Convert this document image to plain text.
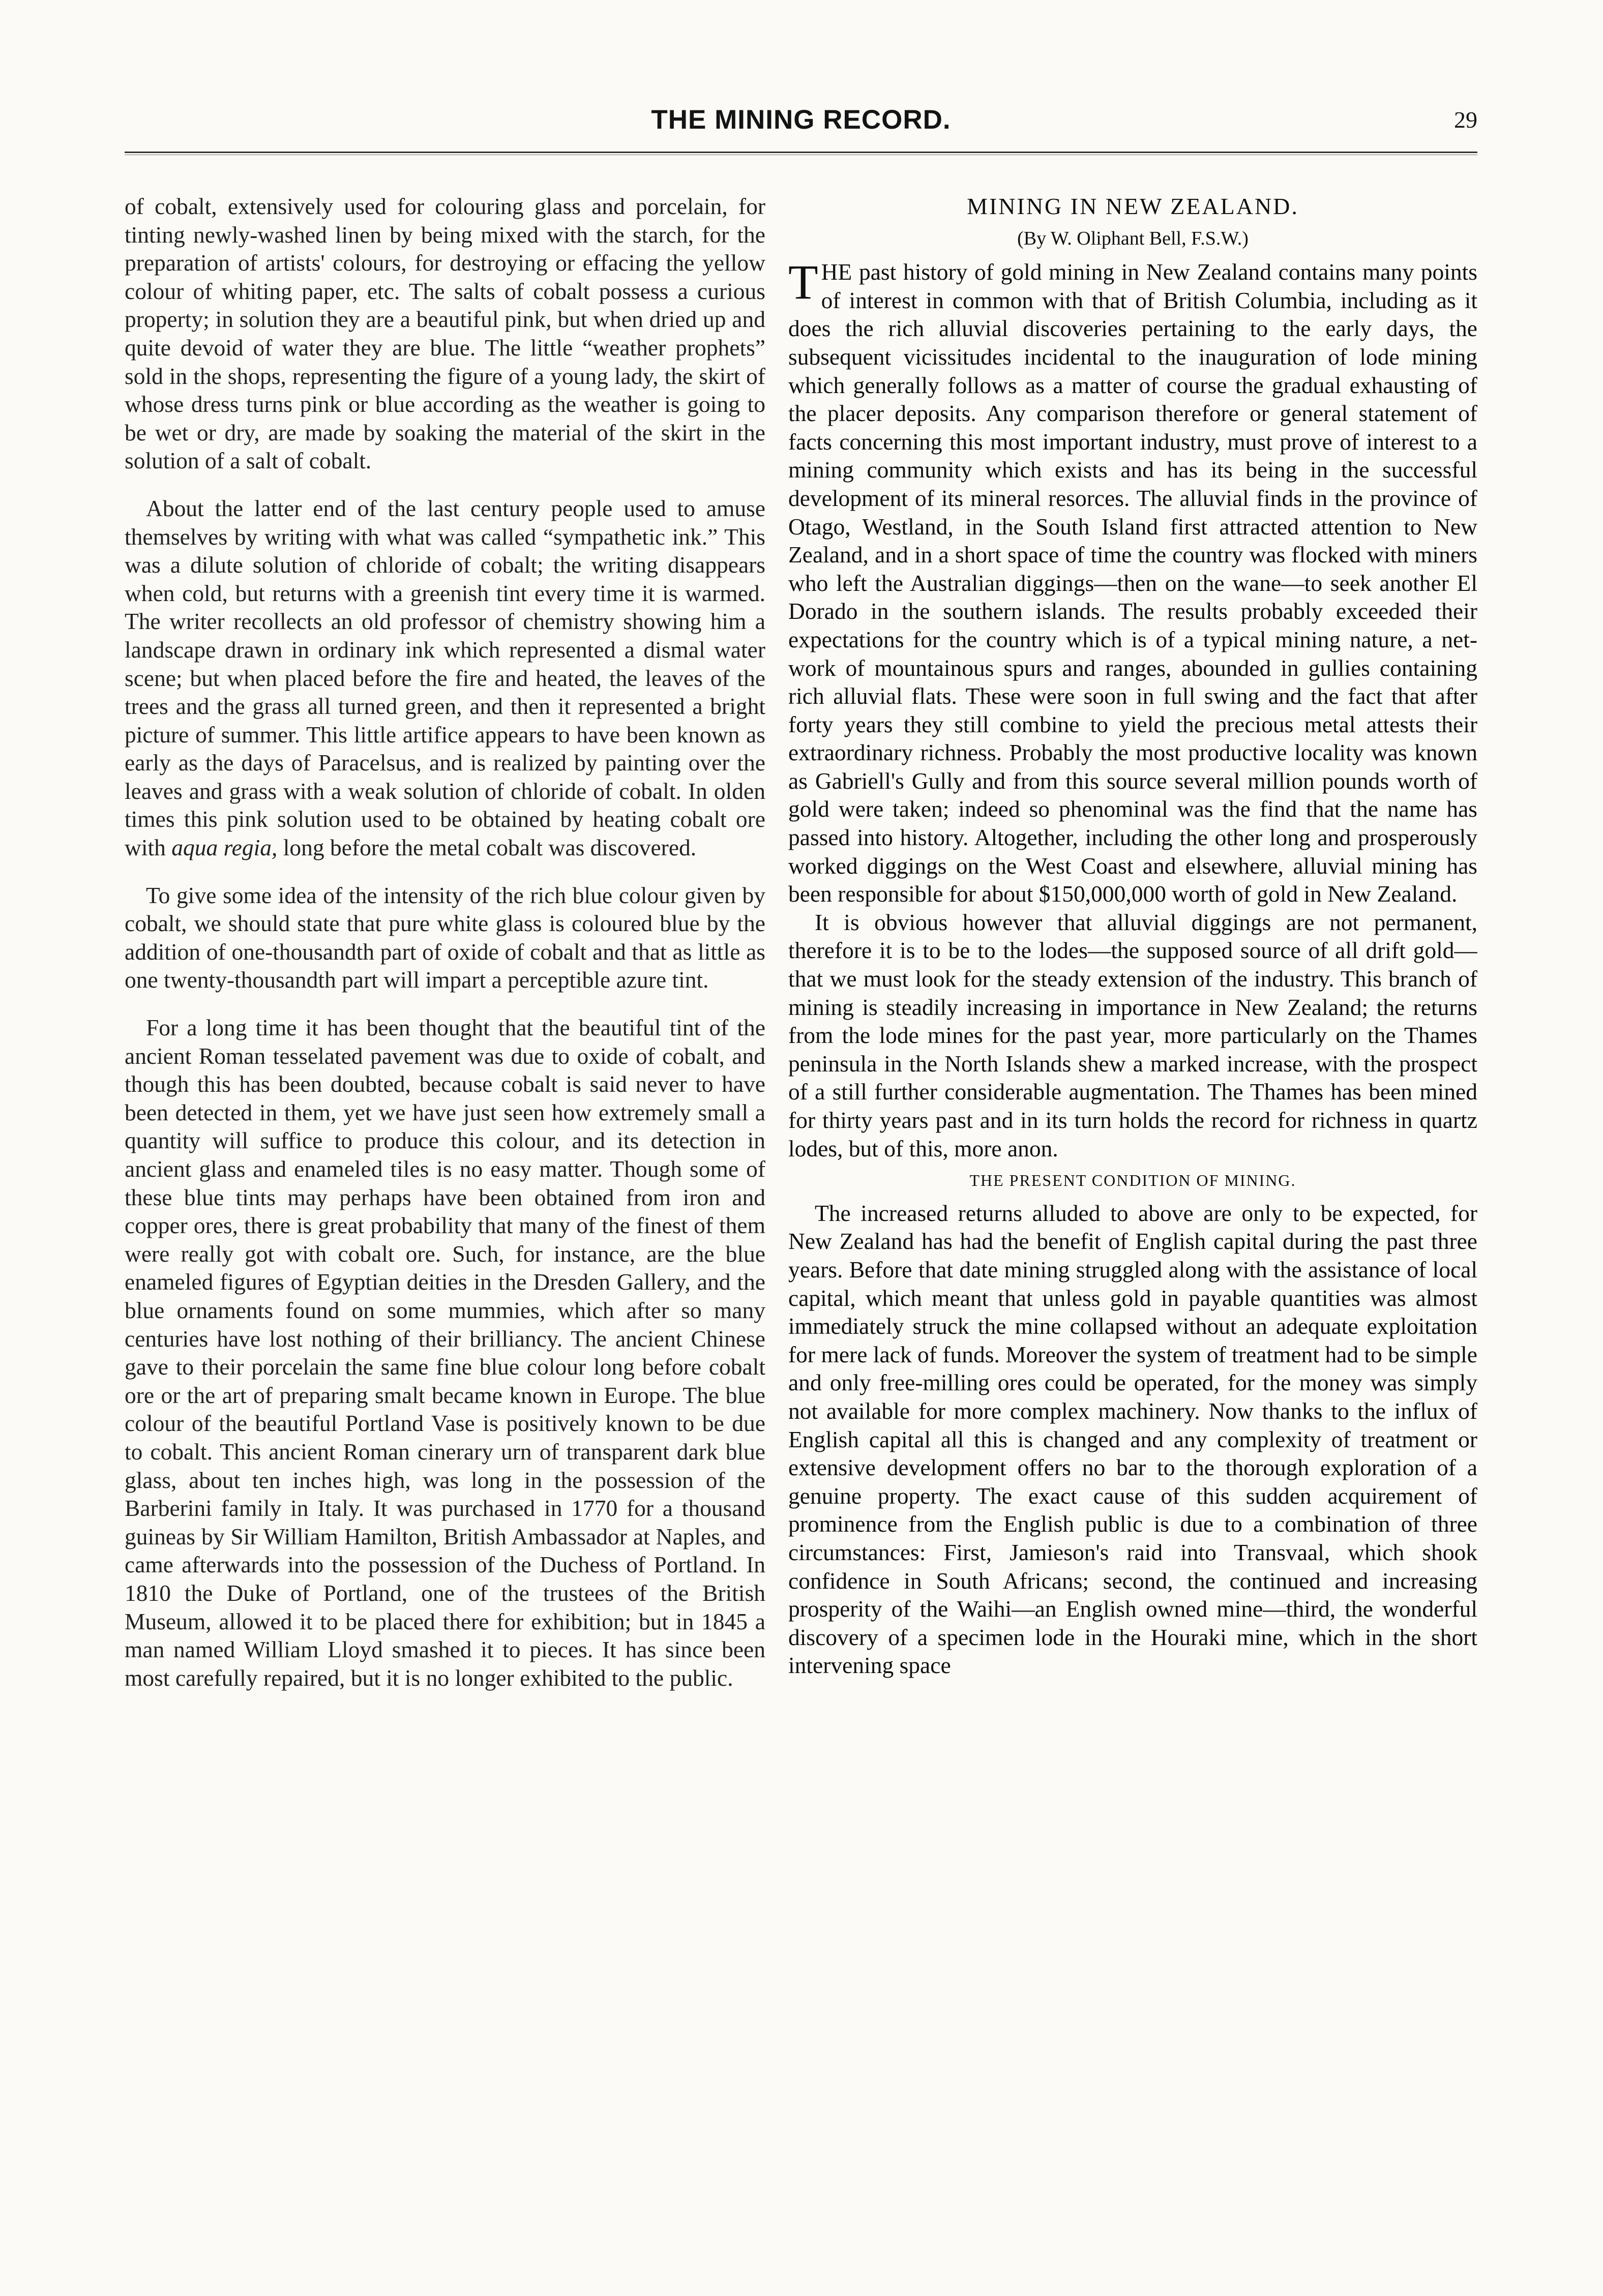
THE MINING RECORD.	29

of cobalt, extensively used for colouring glass and porcelain, for tinting newly-washed linen by being mixed with the starch, for the preparation of artists' colours, for destroying or effacing the yellow colour of whiting paper, etc. The salts of cobalt possess a curious property; in solution they are a beautiful pink, but when dried up and quite devoid of water they are blue. The little “weather prophets” sold in the shops, representing the figure of a young lady, the skirt of whose dress turns pink or blue according as the weather is going to be wet or dry, are made by soaking the material of the skirt in the solution of a salt of cobalt.

About the latter end of the last century people used to amuse themselves by writing with what was called “sympathetic ink.” This was a dilute solution of chloride of cobalt; the writing disappears when cold, but returns with a greenish tint every time it is warmed. The writer recollects an old professor of chemistry showing him a landscape drawn in ordinary ink which represented a dismal water scene; but when placed before the fire and heated, the leaves of the trees and the grass all turned green, and then it represented a bright picture of summer. This little artifice appears to have been known as early as the days of Paracelsus, and is realized by painting over the leaves and grass with a weak solution of chloride of cobalt. In olden times this pink solution used to be obtained by heating cobalt ore with aqua regia, long before the metal cobalt was discovered.

To give some idea of the intensity of the rich blue colour given by cobalt, we should state that pure white glass is coloured blue by the addition of one-thousandth part of oxide of cobalt and that as little as one twenty-thousandth part will impart a perceptible azure tint.

For a long time it has been thought that the beautiful tint of the ancient Roman tesselated pavement was due to oxide of cobalt, and though this has been doubted, because cobalt is said never to have been detected in them, yet we have just seen how extremely small a quantity will suffice to produce this colour, and its detection in ancient glass and enameled tiles is no easy matter. Though some of these blue tints may perhaps have been obtained from iron and copper ores, there is great probability that many of the finest of them were really got with cobalt ore. Such, for instance, are the blue enameled figures of Egyptian deities in the Dresden Gallery, and the blue ornaments found on some mummies, which after so many centuries have lost nothing of their brilliancy. The ancient Chinese gave to their porcelain the same fine blue colour long before cobalt ore or the art of preparing smalt became known in Europe. The blue colour of the beautiful Portland Vase is positively known to be due to cobalt. This ancient Roman cinerary urn of transparent dark blue glass, about ten inches high, was long in the possession of the Barberini family in Italy. It was purchased in 1770 for a thousand guineas by Sir William Hamilton, British Ambassador at Naples, and came afterwards into the possession of the Duchess of Portland. In 1810 the Duke of Portland, one of the trustees of the British Museum, allowed it to be placed there for exhibition; but in 1845 a man named William Lloyd smashed it to pieces. It has since been most carefully repaired, but it is no longer exhibited to the public.

MINING IN NEW ZEALAND.
(By W. Oliphant Bell, F.S.W.)

THE past history of gold mining in New Zealand contains many points of interest in common with that of British Columbia, including as it does the rich alluvial discoveries pertaining to the early days, the subsequent vicissitudes incidental to the inauguration of lode mining which generally follows as a matter of course the gradual exhausting of the placer deposits. Any comparison therefore or general statement of facts concerning this most important industry, must prove of interest to a mining community which exists and has its being in the successful development of its mineral resorces. The alluvial finds in the province of Otago, Westland, in the South Island first attracted attention to New Zealand, and in a short space of time the country was flocked with miners who left the Australian diggings—then on the wane—to seek another El Dorado in the southern islands. The results probably exceeded their expectations for the country which is of a typical mining nature, a net-work of mountainous spurs and ranges, abounded in gullies containing rich alluvial flats. These were soon in full swing and the fact that after forty years they still combine to yield the precious metal attests their extraordinary richness. Probably the most productive locality was known as Gabriell's Gully and from this source several million pounds worth of gold were taken; indeed so phenominal was the find that the name has passed into history. Altogether, including the other long and prosperously worked diggings on the West Coast and elsewhere, alluvial mining has been responsible for about $150,000,000 worth of gold in New Zealand.

It is obvious however that alluvial diggings are not permanent, therefore it is to be to the lodes—the supposed source of all drift gold—that we must look for the steady extension of the industry. This branch of mining is steadily increasing in importance in New Zealand; the returns from the lode mines for the past year, more particularly on the Thames peninsula in the North Islands shew a marked increase, with the prospect of a still further considerable augmentation. The Thames has been mined for thirty years past and in its turn holds the record for richness in quartz lodes, but of this, more anon.

THE PRESENT CONDITION OF MINING.

The increased returns alluded to above are only to be expected, for New Zealand has had the benefit of English capital during the past three years. Before that date mining struggled along with the assistance of local capital, which meant that unless gold in payable quantities was almost immediately struck the mine collapsed without an adequate exploitation for mere lack of funds. Moreover the system of treatment had to be simple and only free-milling ores could be operated, for the money was simply not available for more complex machinery. Now thanks to the influx of English capital all this is changed and any complexity of treatment or extensive development offers no bar to the thorough exploration of a genuine property. The exact cause of this sudden acquirement of prominence from the English public is due to a combination of three circumstances: First, Jamieson's raid into Transvaal, which shook confidence in South Africans; second, the continued and increasing prosperity of the Waihi—an English owned mine—third, the wonderful discovery of a specimen lode in the Houraki mine, which in the short intervening space
